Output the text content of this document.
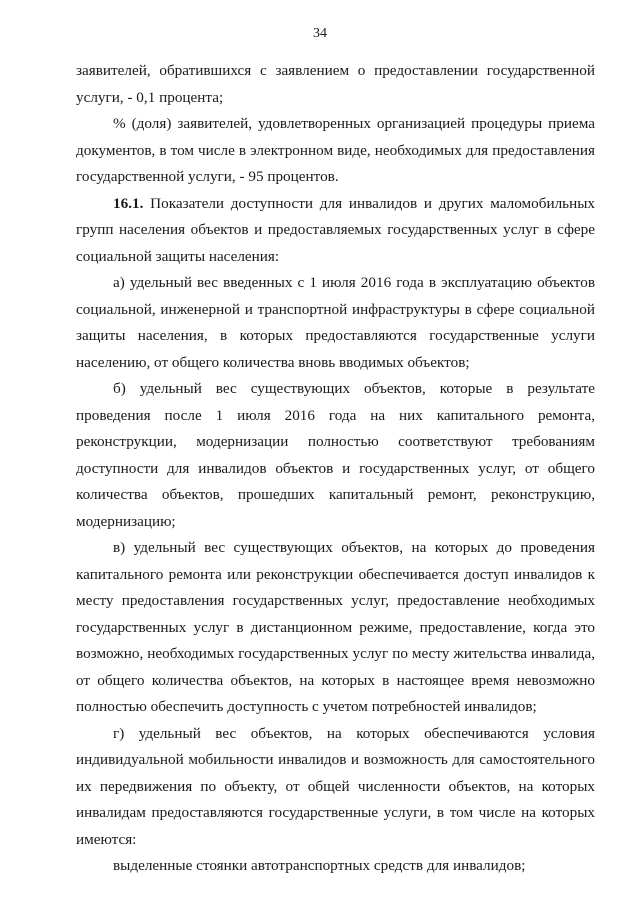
34

заявителей, обратившихся с заявлением о предоставлении государственной услуги, - 0,1 процента;

% (доля) заявителей, удовлетворенных организацией процедуры приема документов, в том числе в электронном виде, необходимых для предоставления государственной услуги, - 95 процентов.

16.1. Показатели доступности для инвалидов и других маломобильных групп населения объектов и предоставляемых государственных услуг в сфере социальной защиты населения:

а) удельный вес введенных с 1 июля 2016 года в эксплуатацию объектов социальной, инженерной и транспортной инфраструктуры в сфере социальной защиты населения, в которых предоставляются государственные услуги населению, от общего количества вновь вводимых объектов;

б) удельный вес существующих объектов, которые в результате проведения после 1 июля 2016 года на них капитального ремонта, реконструкции, модернизации полностью соответствуют требованиям доступности для инвалидов объектов и государственных услуг, от общего количества объектов, прошедших капитальный ремонт, реконструкцию, модернизацию;

в) удельный вес существующих объектов, на которых до проведения капитального ремонта или реконструкции обеспечивается доступ инвалидов к месту предоставления государственных услуг, предоставление необходимых государственных услуг в дистанционном режиме, предоставление, когда это возможно, необходимых государственных услуг по месту жительства инвалида, от общего количества объектов, на которых в настоящее время невозможно полностью обеспечить доступность с учетом потребностей инвалидов;

г) удельный вес объектов, на которых обеспечиваются условия индивидуальной мобильности инвалидов и возможность для самостоятельного их передвижения по объекту, от общей численности объектов, на которых инвалидам предоставляются государственные услуги, в том числе на которых имеются:

выделенные стоянки автотранспортных средств для инвалидов;
